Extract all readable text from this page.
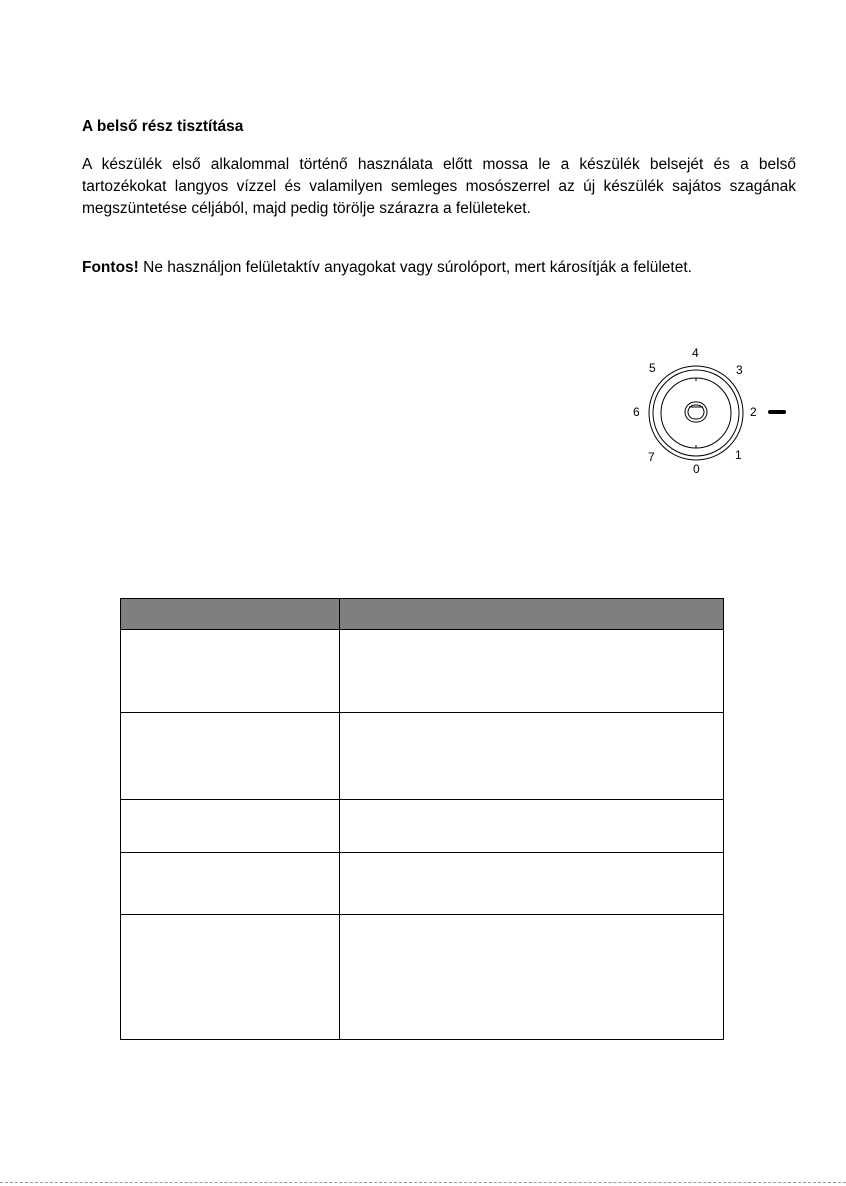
A belső rész tisztítása

A készülék első alkalommal történő használata előtt mossa le a készülék belsejét és a belső tartozékokat langyos vízzel és valamilyen semleges mosószerrel az új készülék sajátos szagának megszüntetése céljából, majd pedig törölje szárazra a felületeket.

Fontos! Ne használjon felületaktív anyagokat vagy súrolóport, mert károsítják a felületet.

4
3
2
1
0
7
6
5
